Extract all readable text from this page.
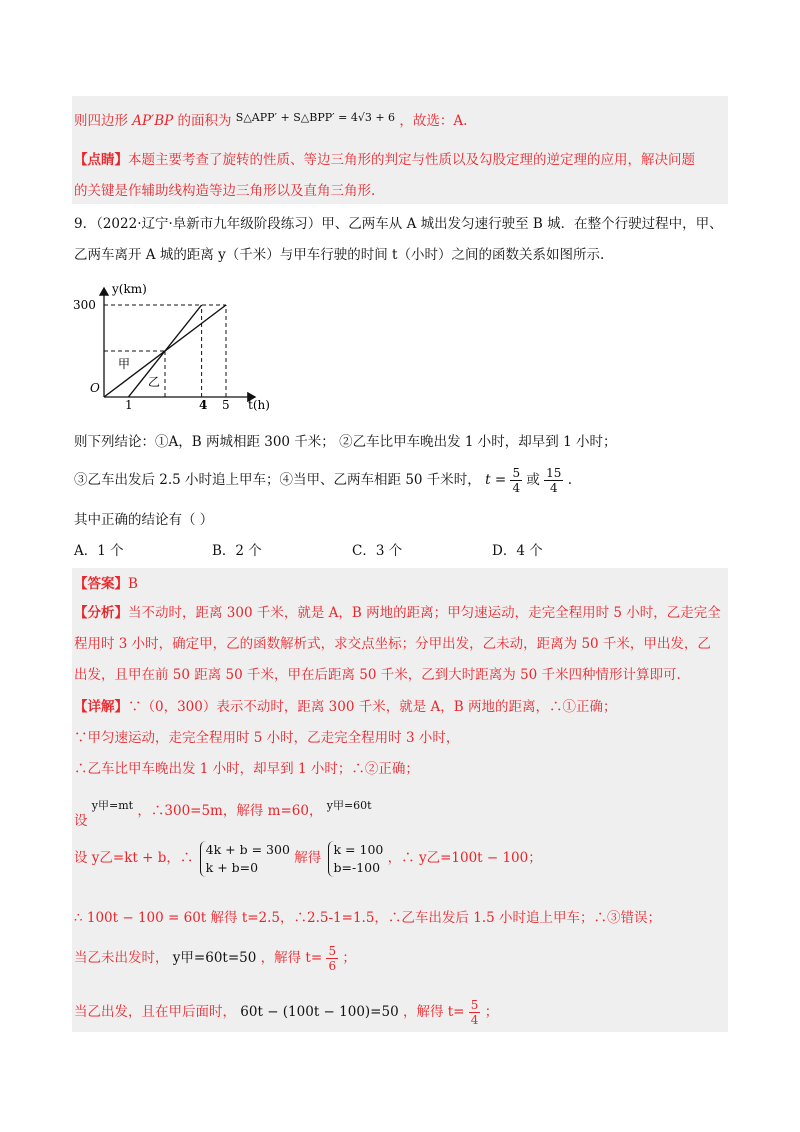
则四边形 AP′BP 的面积为 $^{S\triangle APP' + S\triangle BPP' = 4√3 + 6}$ ，故选：A.
【点睛】本题主要考查了旋转的性质、等边三角形的判定与性质以及勾股定理的逆定理的应用，解决问题
的关键是作辅助线构造等边三角形以及直角三角形.
9．（2022·辽宁·阜新市九年级阶段练习）甲、乙两车从 A 城出发匀速行驶至 B 城．在整个行驶过程中，甲、
乙两车离开 A 城的距离 y（千米）与甲车行驶的时间 t（小时）之间的函数关系如图所示.
y(km)
t(h)
O
300
1	4 5
甲
乙
则下列结论：①A，B 两城相距 300 千米； ②乙车比甲车晚出发 1 小时，却早到 1 小时；
③乙车出发后 2.5 小时追上甲车；④当甲、乙两车相距 50 千米时， $t = \frac{5}{4}$ 或 $\frac{15}{4}$ .
其中正确的结论有（ ）
A．1 个	B．2 个	C．3 个	D．4 个
【答案】B
【分析】当不动时，距离 300 千米，就是 A，B 两地的距离；甲匀速运动，走完全程用时 5 小时，乙走完全
程用时 3 小时，确定甲，乙的函数解析式，求交点坐标；分甲出发，乙未动，距离为 50 千米，甲出发，乙
出发，且甲在前 50 距离 50 千米，甲在后距离 50 千米，乙到大时距离为 50 千米四种情形计算即可.
【详解】∵（0，300）表示不动时，距离 300 千米，就是 A，B 两地的距离，∴①正确；
∵甲匀速运动，走完全程用时 5 小时，乙走完全程用时 3 小时，
∴乙车比甲车晚出发 1 小时，却早到 1 小时；∴②正确；
设 $^{y甲=mt}$ ，∴300=5m，解得 m=60， $^{y甲=60t}$
设 y乙=kt + b，∴
4k + b = 300
k + b=0
解得
k = 100
b=-100
，∴ y乙=100t − 100；
∴ 100t − 100 = 60t 解得 t=2.5，∴2.5-1=1.5，∴乙车出发后 1.5 小时追上甲车；∴③错误；
当乙未出发时， y甲=60t=50 ，解得 $t= \frac{5}{6}$ ；
当乙出发，且在甲后面时， 60t − (100t − 100)=50 ，解得 $t= \frac{5}{4}$ ；
